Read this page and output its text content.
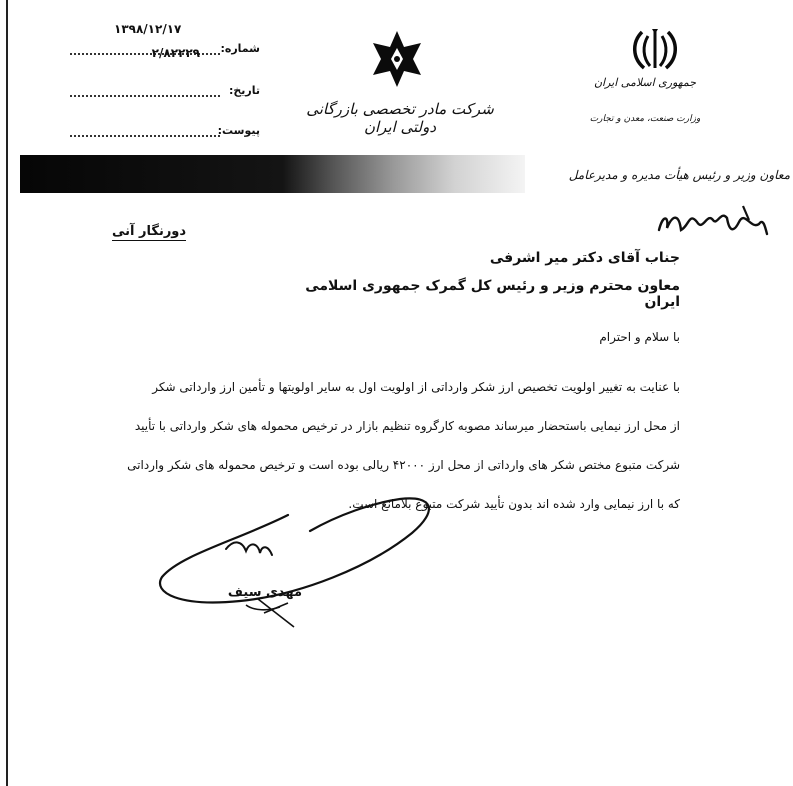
شماره:
۲/۸۲۲۲۹
۱۳۹۸/۱۲/۱۷
تاریخ:
پیوست:
شرکت مادر تخصصی بازرگانی دولتی ایران
جمهوری اسلامی ایران
وزارت صنعت، معدن و تجارت
معاون وزیر و رئیس هیأت مدیره و مدیرعامل
دورنگار آنی
جناب آقای دکتر میر اشرفی
معاون محترم وزیر و رئیس کل گمرک جمهوری اسلامی ایران
با سلام و احترام
با عنایت به تغییر اولویت تخصیص ارز شکر وارداتی از اولویت اول به سایر اولویتها و تأمین ارز وارداتی شکر
از محل ارز نیمایی باستحضار میرساند مصوبه کارگروه تنظیم بازار در ترخیص محموله های شکر وارداتی با تأیید
شرکت متبوع مختص شکر های وارداتی از محل ارز ۴۲۰۰۰ ریالی بوده است و ترخیص محموله های شکر وارداتی
که با ارز نیمایی وارد شده اند بدون تأیید شرکت متبوع بلامانع است.
مهدی سیف
